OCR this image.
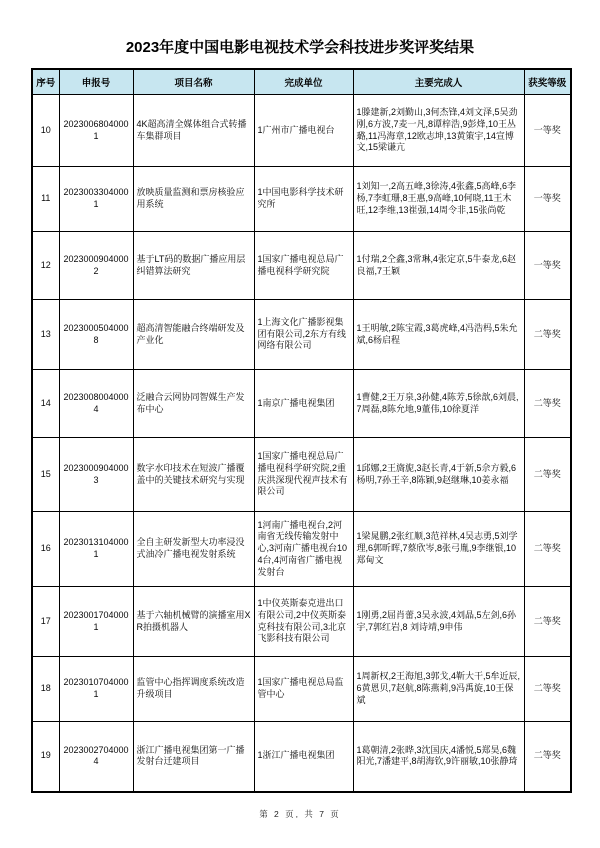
2023年度中国电影电视技术学会科技进步奖评奖结果
序号	申报号	项目名称	完成单位	主要完成人	获奖等级
10	20230068040001	4K超高清全媒体组合式转播车集群项目	1广州市广播电视台	1滕建新,2刘勤山,3何杰锋,4刘文泽,5吴劲刚,6方波,7麦一凡,8谭梓浩,9彭烽,10王丛璐,11冯海章,12欧志坤,13黄策宇,14宣博文,15梁谦亢	一等奖
11	20230033040001	放映质量监测和票房核验应用系统	1中国电影科学技术研究所	1刘知一,2高五峰,3徐涛,4张鑫,5高峰,6李杨,7李虹珊,8王惠,9高峰,10何晓,11王木旺,12李维,13崔强,14周令非,15张尚乾	一等奖
12	20230009040002	基于LT码的数据广播应用层纠错算法研究	1国家广播电视总局广播电视科学研究院	1付瑞,2仝鑫,3常琳,4张定京,5牛泰龙,6赵良福,7王颖	一等奖
13	20230005040008	超高清智能融合终端研发及产业化	1上海文化广播影视集团有限公司,2东方有线网络有限公司	1王明敏,2陈宝霞,3葛虎峰,4冯浩杩,5朱允斌,6杨启程	二等奖
14	20230080040004	泛融合云网协同智媒生产发布中心	1南京广播电视集团	1曹健,2王万泉,3孙健,4陈芳,5徐歆,6刘晨,7周磊,8陈允地,9董伟,10徐夏洋	二等奖
15	20230009040003	数字水印技术在短波广播覆盖中的关键技术研究与实现	1国家广播电视总局广播电视科学研究院,2重庆洪深现代视声技术有限公司	1邱娜,2王旖旎,3赵长青,4于新,5佘方毅,6杨明,7孙王辛,8陈颖,9赵继琳,10姜永福	二等奖
16	20230131040001	全自主研发新型大功率浸没式油冷广播电视发射系统	1河南广播电视台,2河南省无线传输发射中心,3河南广播电视台104台,4河南省广播电视发射台	1梁晁鹏,2张红顺,3范祥林,4吴志勇,5刘学理,6郭昕晖,7蔡欣岑,8张弓胤,9李继银,10郑甸文	二等奖
17	20230017040001	基于六轴机械臂的演播室用XR拍摄机器人	1中仪英斯泰克进出口有限公司,2中仪英斯泰克科技有限公司,3北京飞影科技有限公司	1刚勇,2屈肖蕾,3吴永波,4刘晶,5左剑,6孙宇,7郭红岩,8 刘诗靖,9申伟	二等奖
18	20230107040001	监管中心指挥调度系统改造升级项目	1国家广播电视总局监管中心	1周新权,2王海旭,3郭戈,4靳大干,5牟近辰,6黄恩贝,7赵航,8陈燕莉,9冯禹旋,10王保斌	二等奖
19	20230027040004	浙江广播电视集团第一广播发射台迁建项目	1浙江广播电视集团	1葛朝清,2张晔,3沈国庆,4潘悦,5郑昊,6魏阳光,7潘建平,8胡海钦,9许丽敏,10张静琦	二等奖
第 2 页, 共 7 页
